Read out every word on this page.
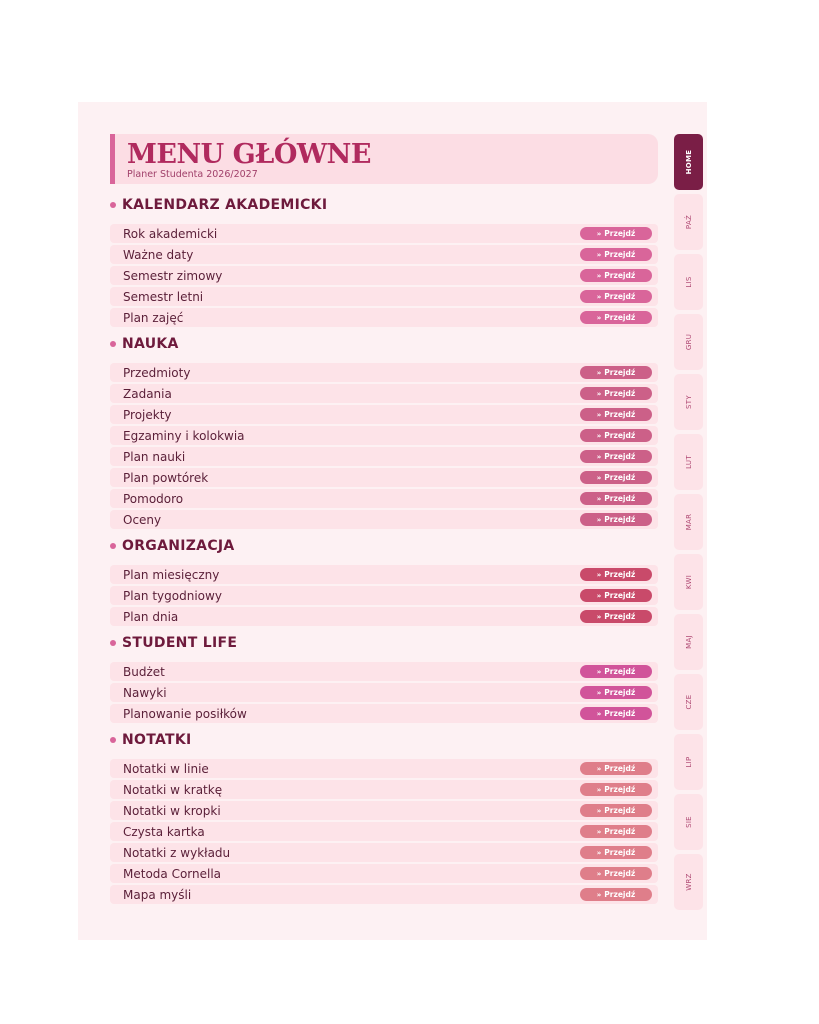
MENU GŁÓWNE
Planer Studenta 2026/2027
KALENDARZ AKADEMICKI
Rok akademicki	» Przejdź
Ważne daty	» Przejdź
Semestr zimowy	» Przejdź
Semestr letni	» Przejdź
Plan zajęć	» Przejdź
NAUKA
Przedmioty	» Przejdź
Zadania	» Przejdź
Projekty	» Przejdź
Egzaminy i kolokwia	» Przejdź
Plan nauki	» Przejdź
Plan powtórek	» Przejdź
Pomodoro	» Przejdź
Oceny	» Przejdź
ORGANIZACJA
Plan miesięczny	» Przejdź
Plan tygodniowy	» Przejdź
Plan dnia	» Przejdź
STUDENT LIFE
Budżet	» Przejdź
Nawyki	» Przejdź
Planowanie posiłków	» Przejdź
NOTATKI
Notatki w linie	» Przejdź
Notatki w kratkę	» Przejdź
Notatki w kropki	» Przejdź
Czysta kartka	» Przejdź
Notatki z wykładu	» Przejdź
Metoda Cornella	» Przejdź
Mapa myśli	» Przejdź
HOME
PAŹ
LIS
GRU
STY
LUT
MAR
KWI
MAJ
CZE
LIP
SIE
WRZ
